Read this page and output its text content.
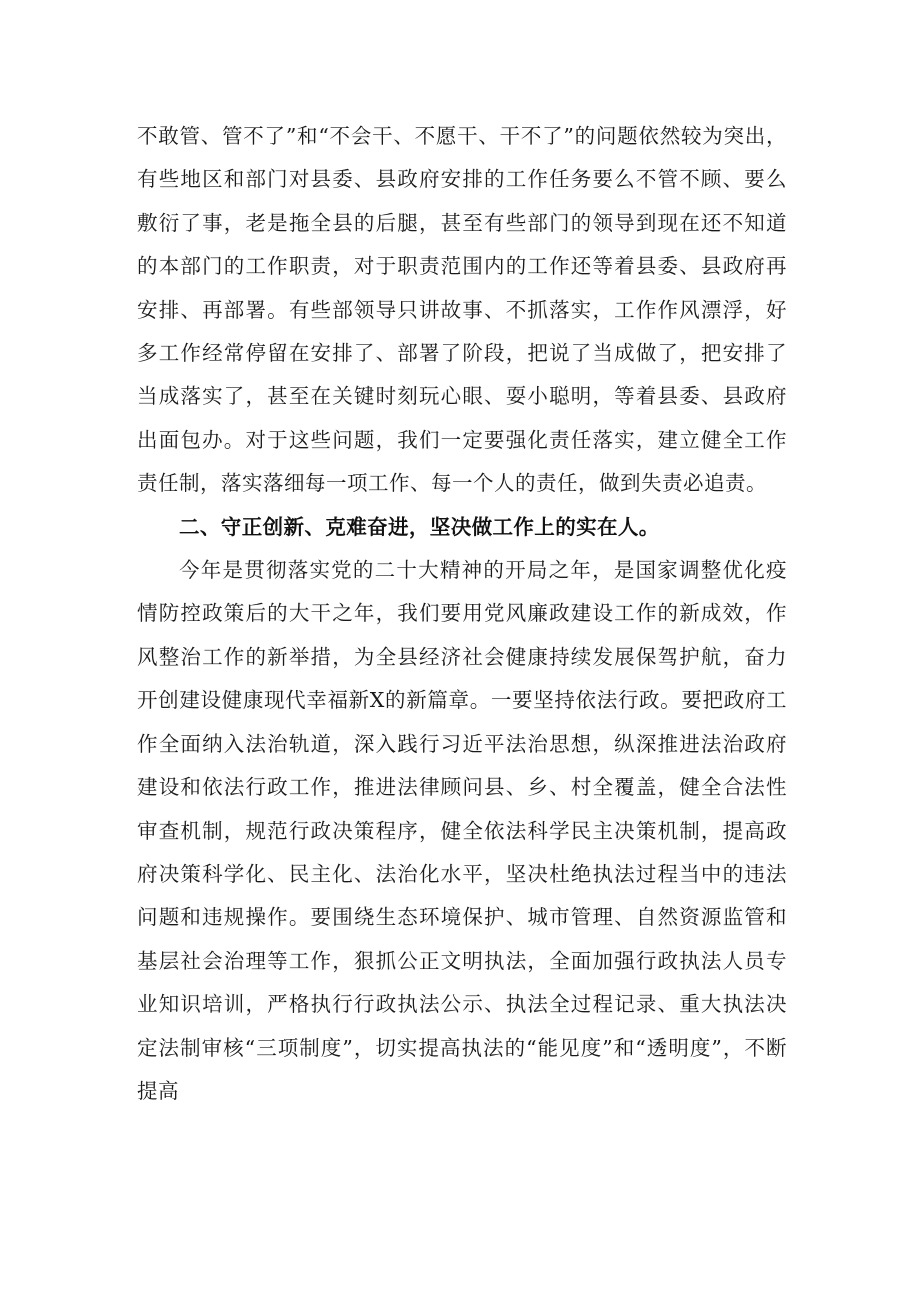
不敢管、管不了”和“不会干、不愿干、干不了”的问题依然较为突出，有些地区和部门对县委、县政府安排的工作任务要么不管不顾、要么敷衍了事，老是拖全县的后腿，甚至有些部门的领导到现在还不知道的本部门的工作职责，对于职责范围内的工作还等着县委、县政府再安排、再部署。有些部领导只讲故事、不抓落实，工作作风漂浮，好多工作经常停留在安排了、部署了阶段，把说了当成做了，把安排了当成落实了，甚至在关键时刻玩心眼、耍小聪明，等着县委、县政府出面包办。对于这些问题，我们一定要强化责任落实，建立健全工作责任制，落实落细每一项工作、每一个人的责任，做到失责必追责。

二、守正创新、克难奋进，坚决做工作上的实在人。

今年是贯彻落实党的二十大精神的开局之年，是国家调整优化疫情防控政策后的大干之年，我们要用党风廉政建设工作的新成效，作风整治工作的新举措，为全县经济社会健康持续发展保驾护航，奋力开创建设健康现代幸福新X的新篇章。一要坚持依法行政。要把政府工作全面纳入法治轨道，深入践行习近平法治思想，纵深推进法治政府建设和依法行政工作，推进法律顾问县、乡、村全覆盖，健全合法性审查机制，规范行政决策程序，健全依法科学民主决策机制，提高政府决策科学化、民主化、法治化水平，坚决杜绝执法过程当中的违法问题和违规操作。要围绕生态环境保护、城市管理、自然资源监管和基层社会治理等工作，狠抓公正文明执法，全面加强行政执法人员专业知识培训，严格执行行政执法公示、执法全过程记录、重大执法决定法制审核“三项制度”，切实提高执法的“能见度”和“透明度”，不断提高
